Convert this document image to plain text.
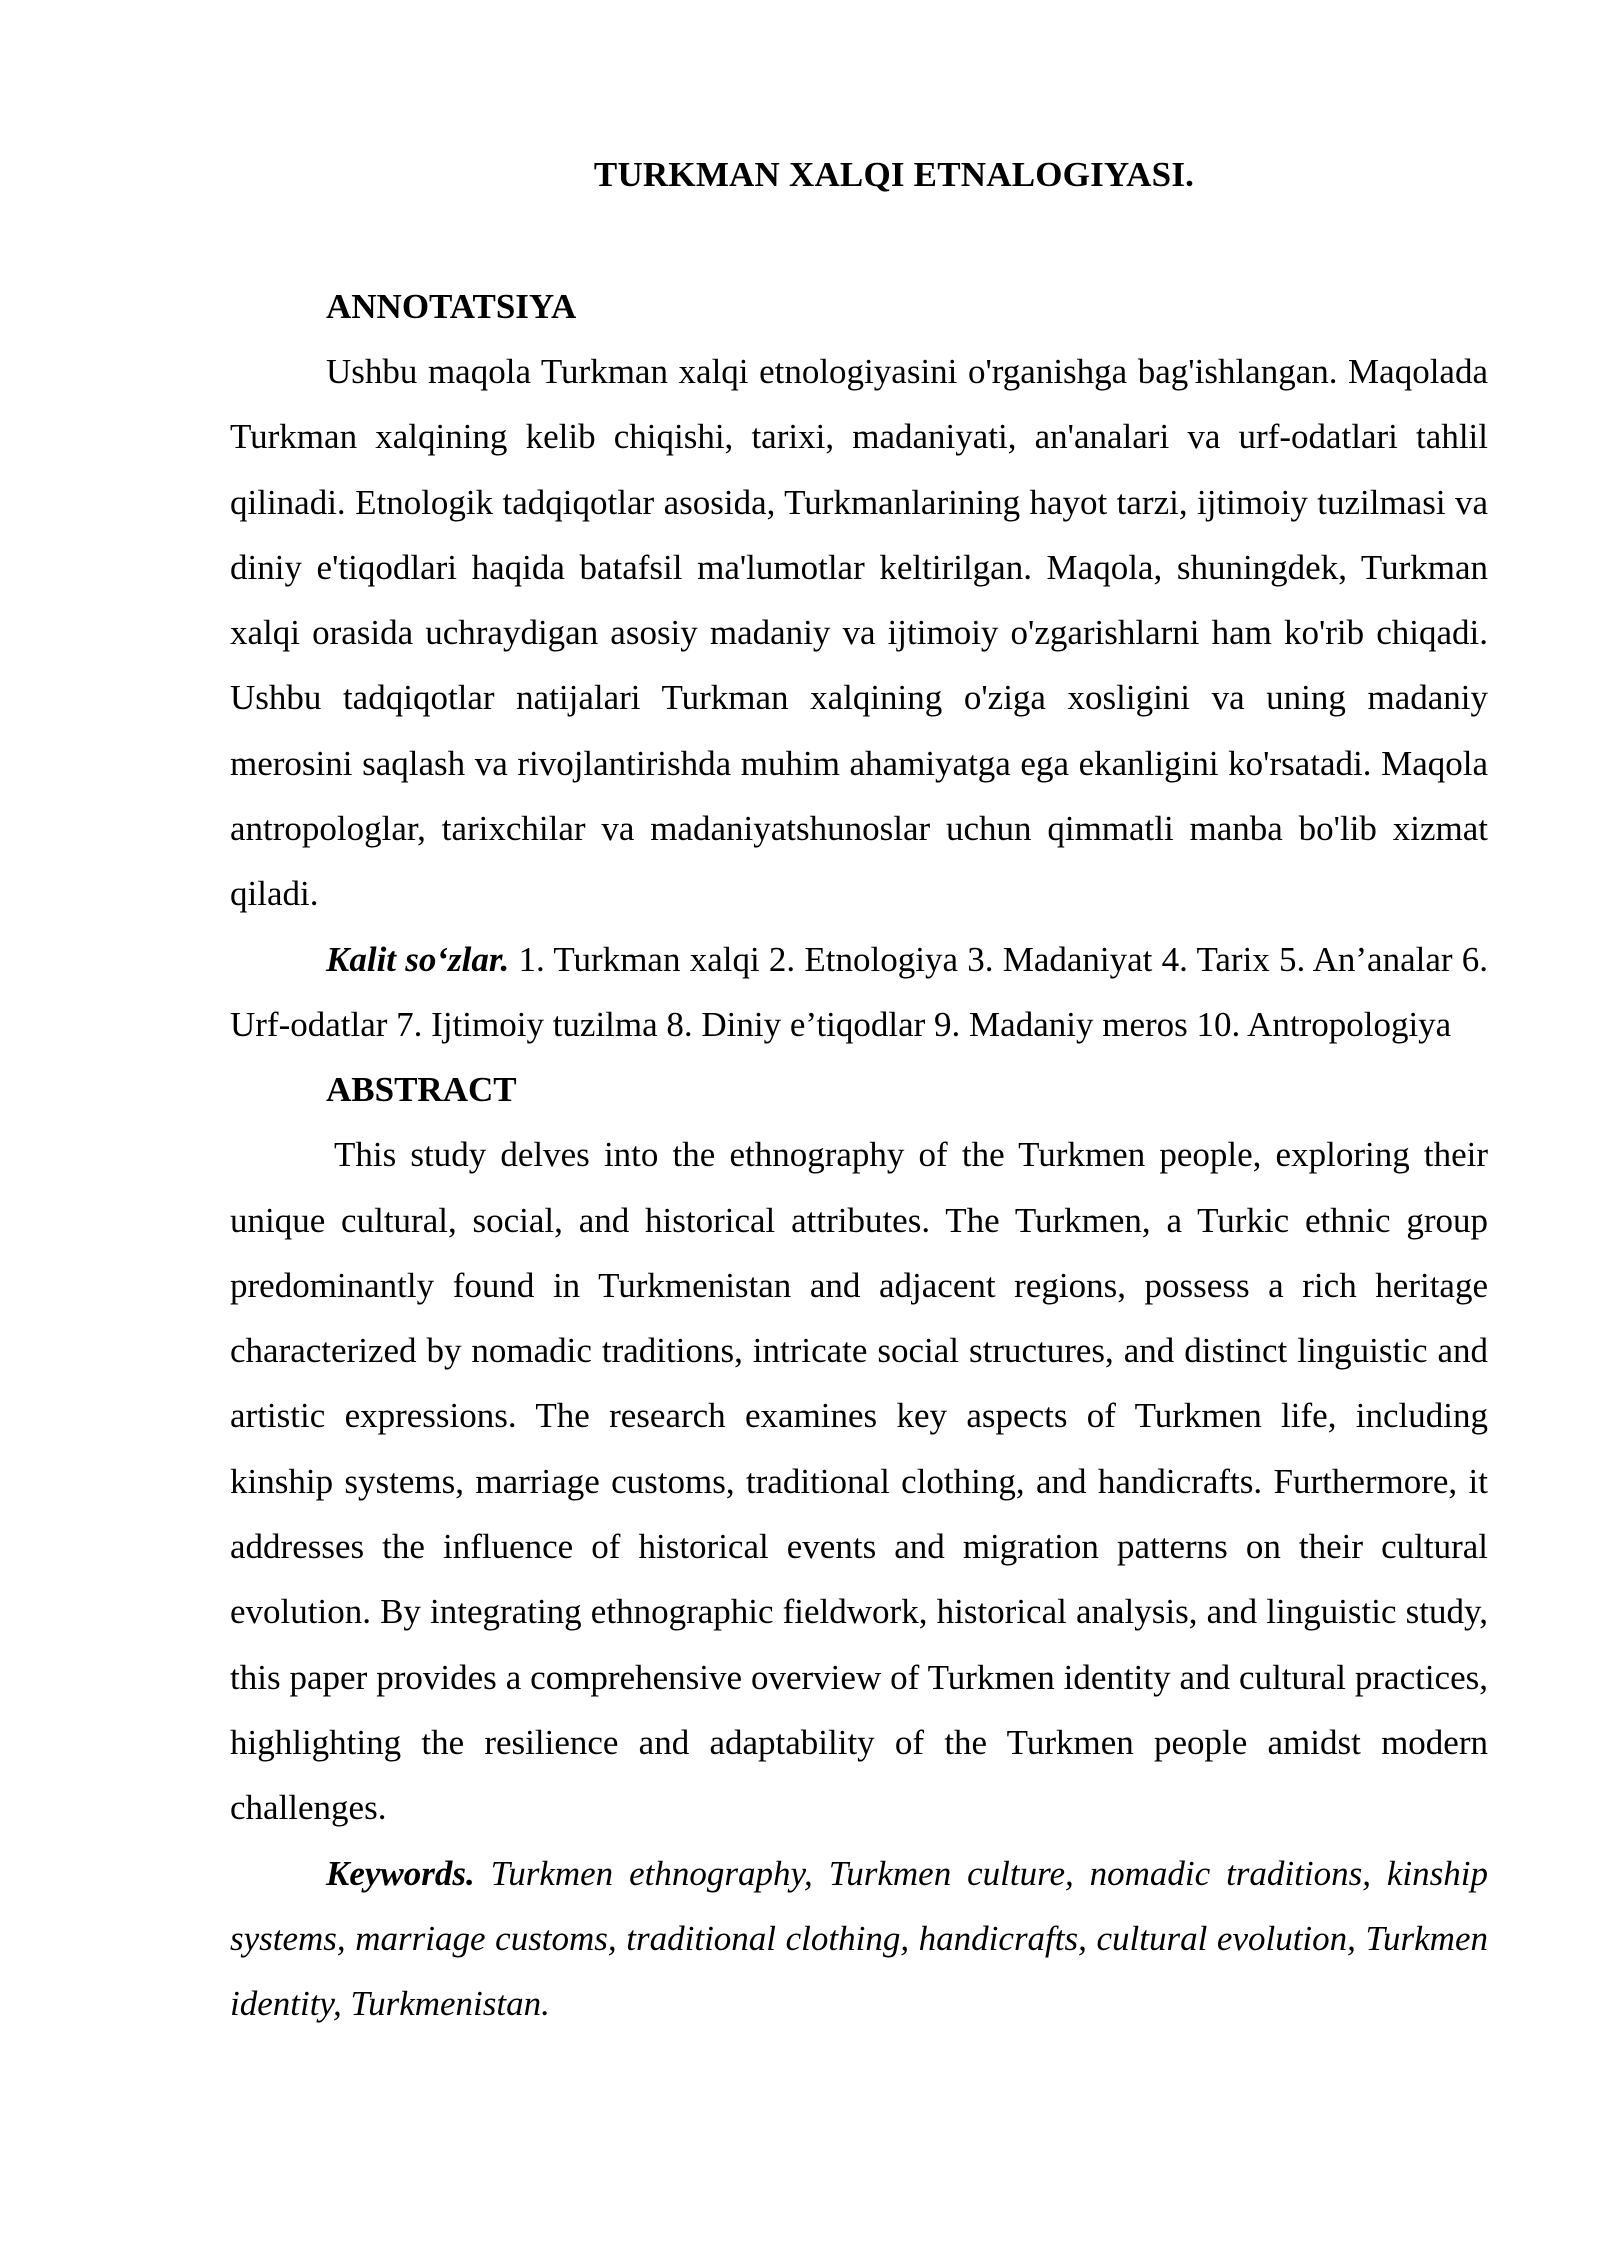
TURKMAN XALQI ETNALOGIYASI.
ANNOTATSIYA

Ushbu maqola Turkman xalqi etnologiyasini o'rganishga bag'ishlangan. Maqolada Turkman xalqining kelib chiqishi, tarixi, madaniyati, an'analari va urf-odatlari tahlil qilinadi. Etnologik tadqiqotlar asosida, Turkmanlarining hayot tarzi, ijtimoiy tuzilmasi va diniy e'tiqodlari haqida batafsil ma'lumotlar keltirilgan. Maqola, shuningdek, Turkman xalqi orasida uchraydigan asosiy madaniy va ijtimoiy o'zgarishlarni ham ko'rib chiqadi. Ushbu tadqiqotlar natijalari Turkman xalqining o'ziga xosligini va uning madaniy merosini saqlash va rivojlantirishda muhim ahamiyatga ega ekanligini ko'rsatadi. Maqola antropologlar, tarixchilar va madaniyatshunoslar uchun qimmatli manba bo'lib xizmat qiladi.

Kalit so‘zlar. 1. Turkman xalqi 2. Etnologiya 3. Madaniyat 4. Tarix 5. An’analar 6. Urf-odatlar 7. Ijtimoiy tuzilma 8. Diniy e’tiqodlar 9. Madaniy meros 10. Antropologiya

ABSTRACT

This study delves into the ethnography of the Turkmen people, exploring their unique cultural, social, and historical attributes. The Turkmen, a Turkic ethnic group predominantly found in Turkmenistan and adjacent regions, possess a rich heritage characterized by nomadic traditions, intricate social structures, and distinct linguistic and artistic expressions. The research examines key aspects of Turkmen life, including kinship systems, marriage customs, traditional clothing, and handicrafts. Furthermore, it addresses the influence of historical events and migration patterns on their cultural evolution. By integrating ethnographic fieldwork, historical analysis, and linguistic study, this paper provides a comprehensive overview of Turkmen identity and cultural practices, highlighting the resilience and adaptability of the Turkmen people amidst modern challenges.

Keywords. Turkmen ethnography, Turkmen culture, nomadic traditions, kinship systems, marriage customs, traditional clothing, handicrafts, cultural evolution, Turkmen identity, Turkmenistan.
